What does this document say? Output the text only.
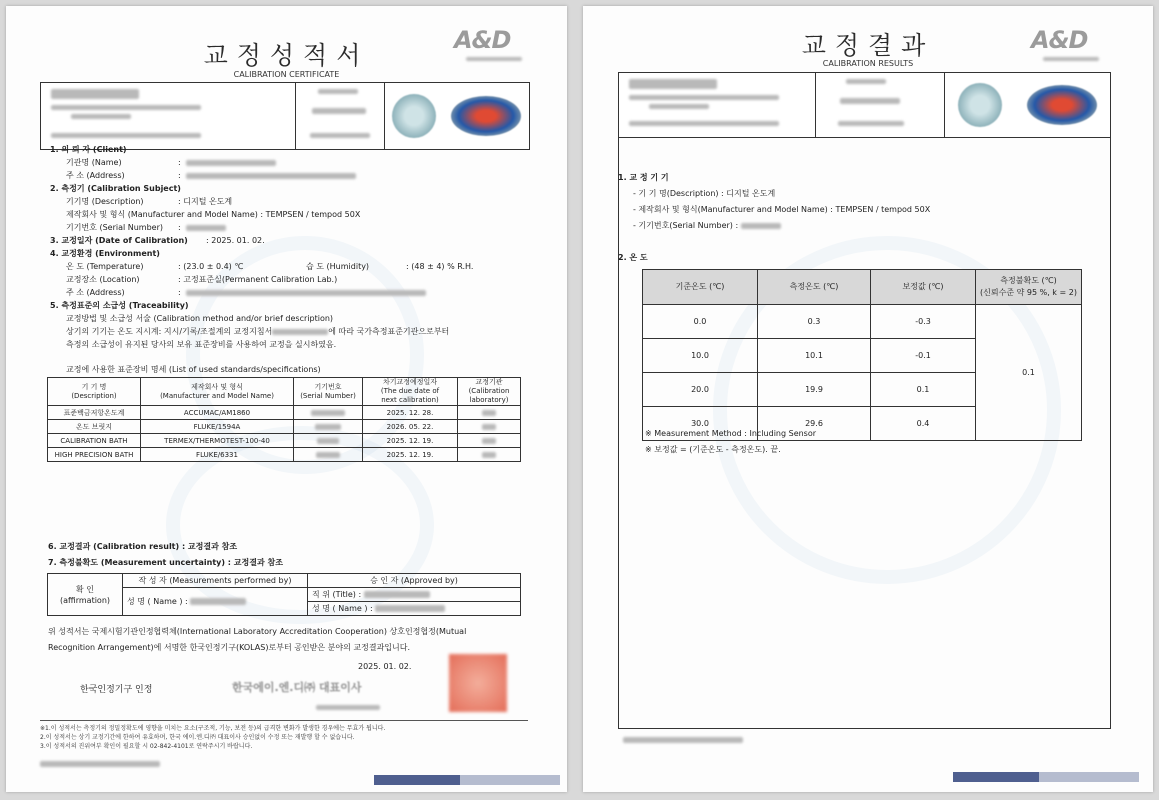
교정성적서
CALIBRATION CERTIFICATE
A&D
1. 의 뢰 자 (Client)
기관명 (Name)	:
주 소 (Address)	:
2. 측정기 (Calibration Subject)
기기명 (Description)	: 디지털 온도계
제작회사 및 형식 (Manufacturer and Model Name) : TEMPSEN / tempod 50X
기기번호 (Serial Number) :
3. 교정일자 (Date of Calibration) : 2025. 01. 02.
4. 교정환경 (Environment)
온 도 (Temperature)	: (23.0 ± 0.4) ℃	습 도 (Humidity)	: (48 ± 4) % R.H.
교정장소 (Location)	: 고정표준실(Permanent Calibration Lab.)
주 소 (Address)	:
5. 측정표준의 소급성 (Traceability)
교정방법 및 소급성 서술 (Calibration method and/or brief description)
상기의 기기는 온도 지시계: 지시/기록/조절계의 교정지침서	에 따라 국가측정표준기관으로부터
측정의 소급성이 유지된 당사의 보유 표준장비를 사용하여 교정을 실시하였음.
교정에 사용한 표준장비 명세 (List of used standards/specifications)
기 기 명
(Description)	제작회사 및 형식
(Manufacturer and Model Name)	기기번호
(Serial Number)	차기교정예정일자
(The due date of
next calibration)	교정기관
(Calibration
laboratory)
표준백금저항온도계	ACCUMAC/AM1860		2025. 12. 28.	
온도 브릿지	FLUKE/1594A		2026. 05. 22.	
CALIBRATION BATH	TERMEX/THERMOTEST-100-40		2025. 12. 19.	
HIGH PRECISION BATH	FLUKE/6331		2025. 12. 19.	
6. 교정결과 (Calibration result) : 교정결과 참조
7. 측정불확도 (Measurement uncertainty) : 교정결과 참조
확 인
(affirmation)	작 성 자 (Measurements performed by)	승 인 자 (Approved by)
	성 명 ( Name ) :	직 위 (Title) :
		성 명 ( Name ) :
위 성적서는 국제시험기관인정협력체(International Laboratory Accreditation Cooperation) 상호인정협정(Mutual
Recognition Arrangement)에 서명한 한국인정기구(KOLAS)로부터 공인받은 분야의 교정결과입니다.
2025. 01. 02.
한국인정기구 인정	한국에이.엔.디㈜ 대표이사
※1.이 성적서는 측정기의 정밀정확도에 영향을 미치는 요소(구조적, 기능, 보전 등)의 급격한 변화가 발생한 경우에는 무효가 됩니다.
2.이 성적서는 상기 교정기간에 한하여 유효하며, 한국 에이.엔.디㈜ 대표이사 승인없이 수정 또는 재발행 할 수 없습니다.
3.이 성적서의 진위여부 확인이 필요할 시 02-842-4101로 연락주시기 바랍니다.
교정결과
CALIBRATION RESULTS
A&D
1. 교 정 기 기
- 기 기 명(Description) : 디지털 온도계
- 제작회사 및 형식(Manufacturer and Model Name) : TEMPSEN / tempod 50X
- 기기번호(Serial Number) :
2. 온 도
기준온도 (℃)	측정온도 (℃)	보정값 (℃)	측정불확도 (℃)
(신뢰수준 약 95 %, k = 2)
0.0	0.3	-0.3	0.1
10.0	10.1	-0.1	
20.0	19.9	0.1	
30.0	29.6	0.4	
※ Measurement Method : Including Sensor
※ 보정값 = (기준온도 - 측정온도). 끝.
